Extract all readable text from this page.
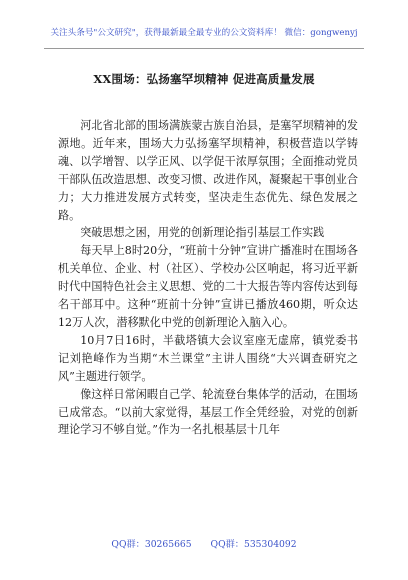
关注头条号"公文研究"，获得最新最全最专业的公文资料库！ 微信：gongwenyj
XX围场：弘扬塞罕坝精神 促进高质量发展

河北省北部的围场满族蒙古族自治县，是塞罕坝精神的发源地。近年来，围场大力弘扬塞罕坝精神，积极营造以学铸魂、以学增智、以学正风、以学促干浓厚氛围；全面推动党员干部队伍改造思想、改变习惯、改进作风，凝聚起干事创业合力；大力推进发展方式转变，坚决走生态优先、绿色发展之路。

突破思想之困，用党的创新理论指引基层工作实践

每天早上8时20分，“班前十分钟”宣讲广播准时在围场各机关单位、企业、村（社区）、学校办公区响起，将习近平新时代中国特色社会主义思想、党的二十大报告等内容传达到每名干部耳中。这种“班前十分钟”宣讲已播放460期，听众达12万人次，潜移默化中党的创新理论入脑入心。

10月7日16时，半截塔镇大会议室座无虚席，镇党委书记刘艳峰作为当期“木兰课堂”主讲人围绕“大兴调查研究之风”主题进行领学。

像这样日常闲暇自己学、轮流登台集体学的活动，在围场已成常态。“以前大家觉得，基层工作全凭经验，对党的创新理论学习不够自觉。”作为一名扎根基层十几年

QQ群：30265665 QQ群：535304092
